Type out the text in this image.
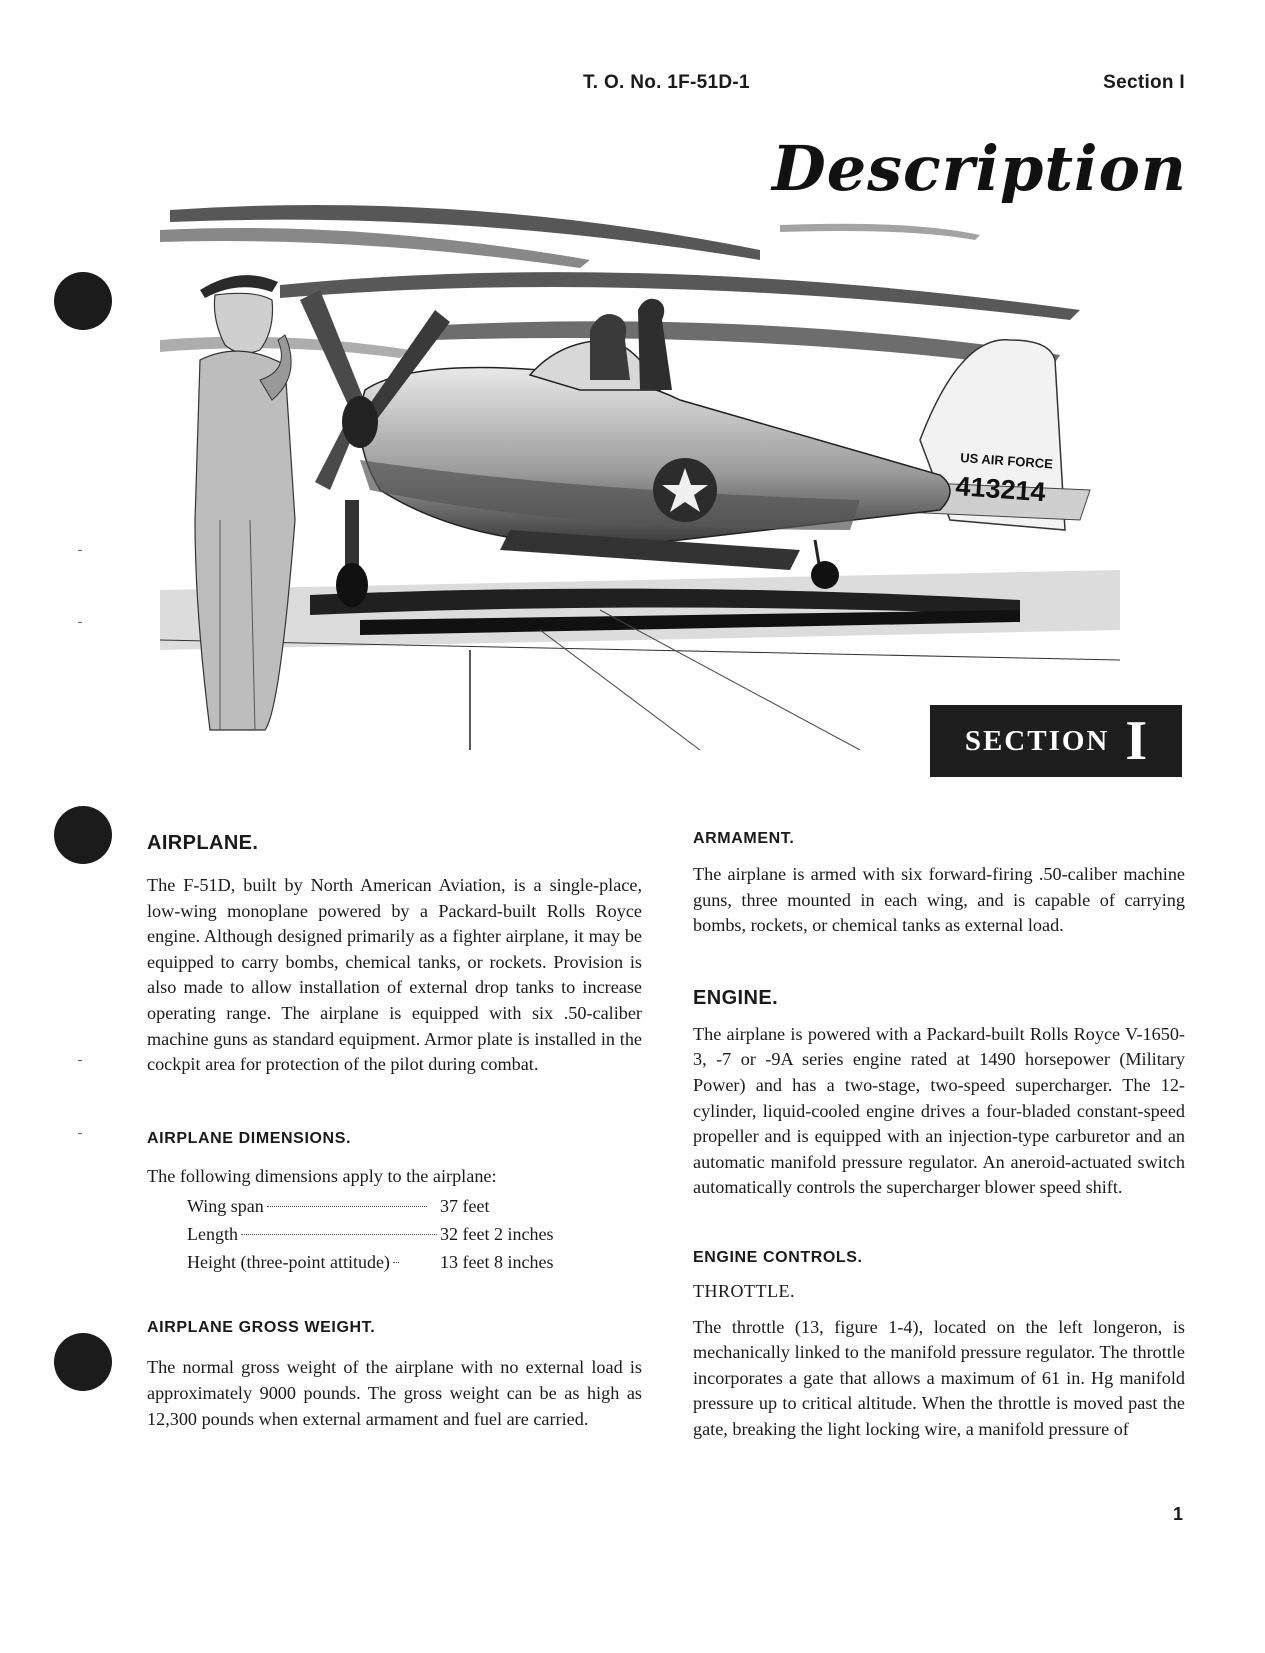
T. O. No. 1F-51D-1	Section I
Description
US AIR FORCE
413214
SECTION I
AIRPLANE.

The F-51D, built by North American Aviation, is a single-place, low-wing monoplane powered by a Packard-built Rolls Royce engine. Although designed primarily as a fighter airplane, it may be equipped to carry bombs, chemical tanks, or rockets. Provision is also made to allow installation of external drop tanks to increase operating range. The airplane is equipped with six .50-caliber machine guns as standard equipment. Armor plate is installed in the cockpit area for protection of the pilot during combat.

AIRPLANE DIMENSIONS.

The following dimensions apply to the airplane:

Wing span	37 feet
Length	32 feet 2 inches
Height (three-point attitude)	13 feet 8 inches
AIRPLANE GROSS WEIGHT.

The normal gross weight of the airplane with no external load is approximately 9000 pounds. The gross weight can be as high as 12,300 pounds when external armament and fuel are carried.

ARMAMENT.

The airplane is armed with six forward-firing .50-caliber machine guns, three mounted in each wing, and is capable of carrying bombs, rockets, or chemical tanks as external load.

ENGINE.

The airplane is powered with a Packard-built Rolls Royce V-1650-3, -7 or -9A series engine rated at 1490 horsepower (Military Power) and has a two-stage, two-speed supercharger. The 12-cylinder, liquid-cooled engine drives a four-bladed constant-speed propeller and is equipped with an injection-type carburetor and an automatic manifold pressure regulator. An aneroid-actuated switch automatically controls the supercharger blower speed shift.

ENGINE CONTROLS.

THROTTLE.

The throttle (13, figure 1-4), located on the left longeron, is mechanically linked to the manifold pressure regulator. The throttle incorporates a gate that allows a maximum of 61 in. Hg manifold pressure up to critical altitude. When the throttle is moved past the gate, breaking the light locking wire, a manifold pressure of

1
